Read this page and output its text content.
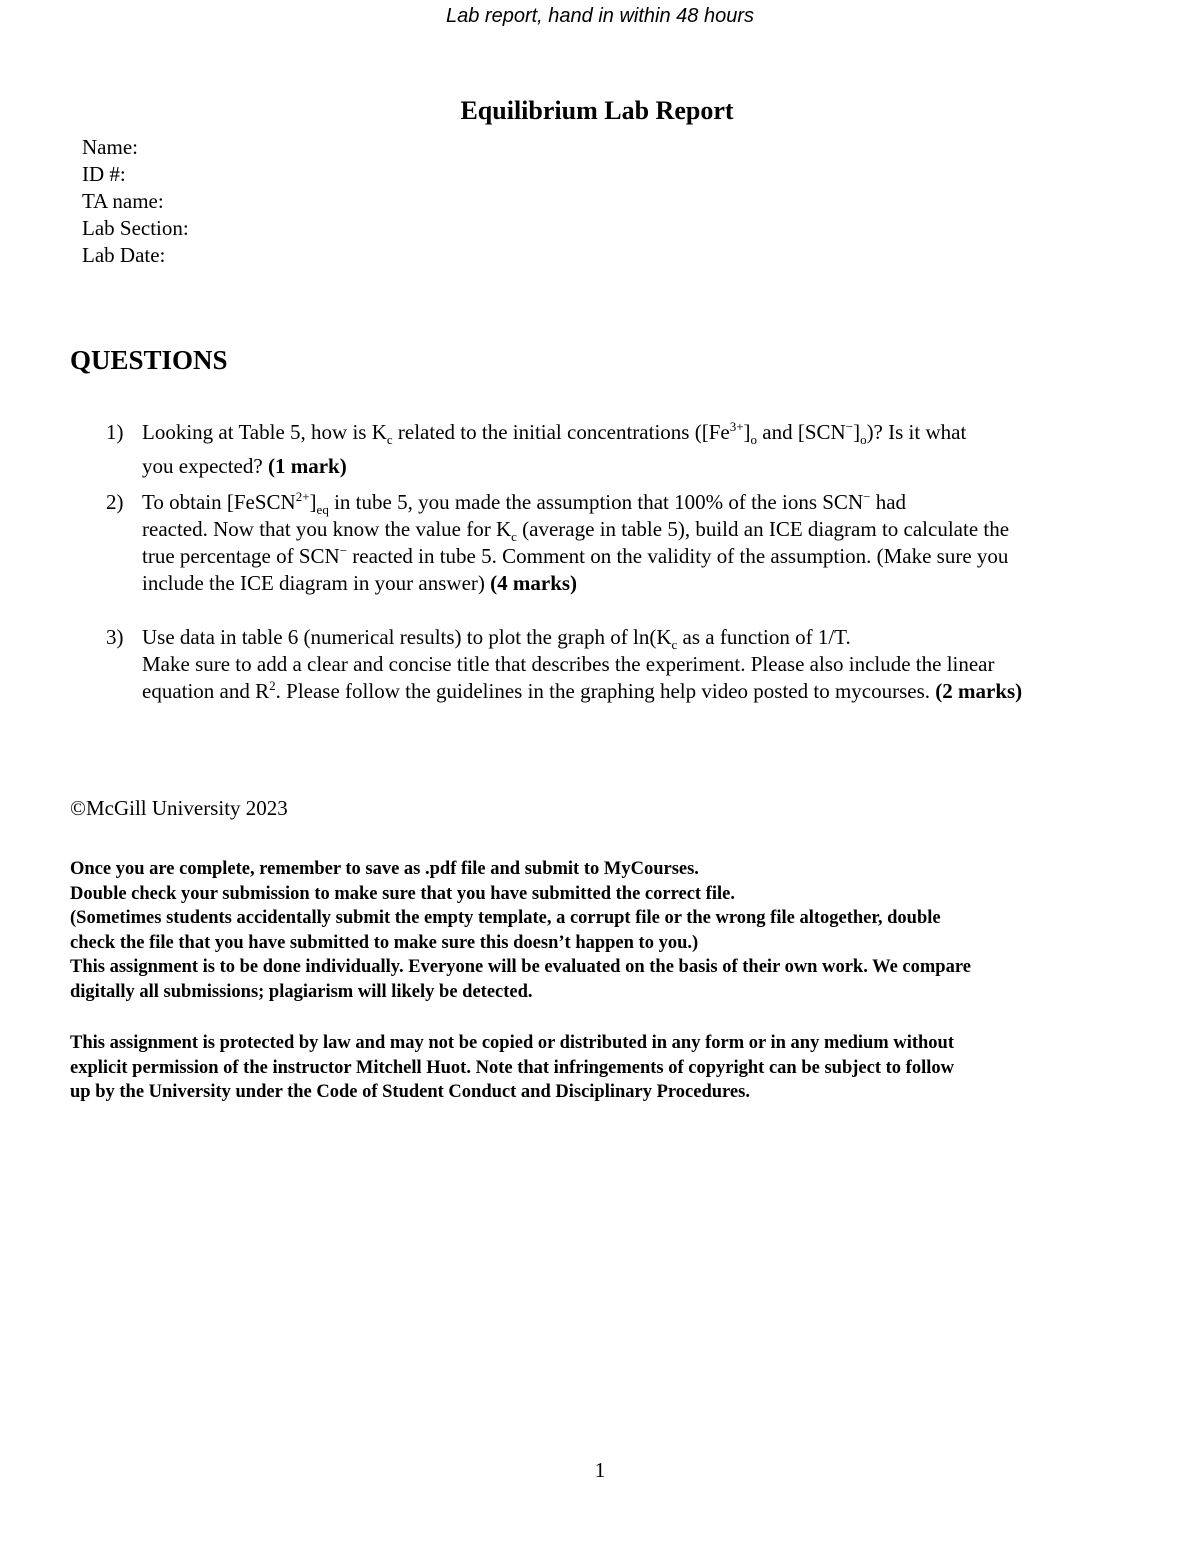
Lab report, hand in within 48 hours
Equilibrium Lab Report
Name:
ID #:
TA name:
Lab Section:
Lab Date:
QUESTIONS
1) Looking at Table 5, how is $K_c$ related to the initial concentrations ($[Fe^{3+}]_o$ and $[SCN^-]_o$)? Is it what
you expected? (1 mark)
2) To obtain $[FeSCN^{2+}]_{eq}$ in tube 5, you made the assumption that 100% of the ions SCN− had
reacted. Now that you know the value for $K_c$ (average in table 5), build an ICE diagram to calculate the
true percentage of SCN− reacted in tube 5. Comment on the validity of the assumption. (Make sure you
include the ICE diagram in your answer) (4 marks)
3) Use data in table 6 (numerical results) to plot the graph of $\ln(K_c$ as a function of 1/T.
Make sure to add a clear and concise title that describes the experiment. Please also include the linear
equation and $R^2$. Please follow the guidelines in the graphing help video posted to mycourses. (2 marks)
©McGill University 2023
Once you are complete, remember to save as .pdf file and submit to MyCourses.
Double check your submission to make sure that you have submitted the correct file.
(Sometimes students accidentally submit the empty template, a corrupt file or the wrong file altogether, double
check the file that you have submitted to make sure this doesn’t happen to you.)
This assignment is to be done individually. Everyone will be evaluated on the basis of their own work. We compare
digitally all submissions; plagiarism will likely be detected.
This assignment is protected by law and may not be copied or distributed in any form or in any medium without
explicit permission of the instructor Mitchell Huot. Note that infringements of copyright can be subject to follow
up by the University under the Code of Student Conduct and Disciplinary Procedures.
1
